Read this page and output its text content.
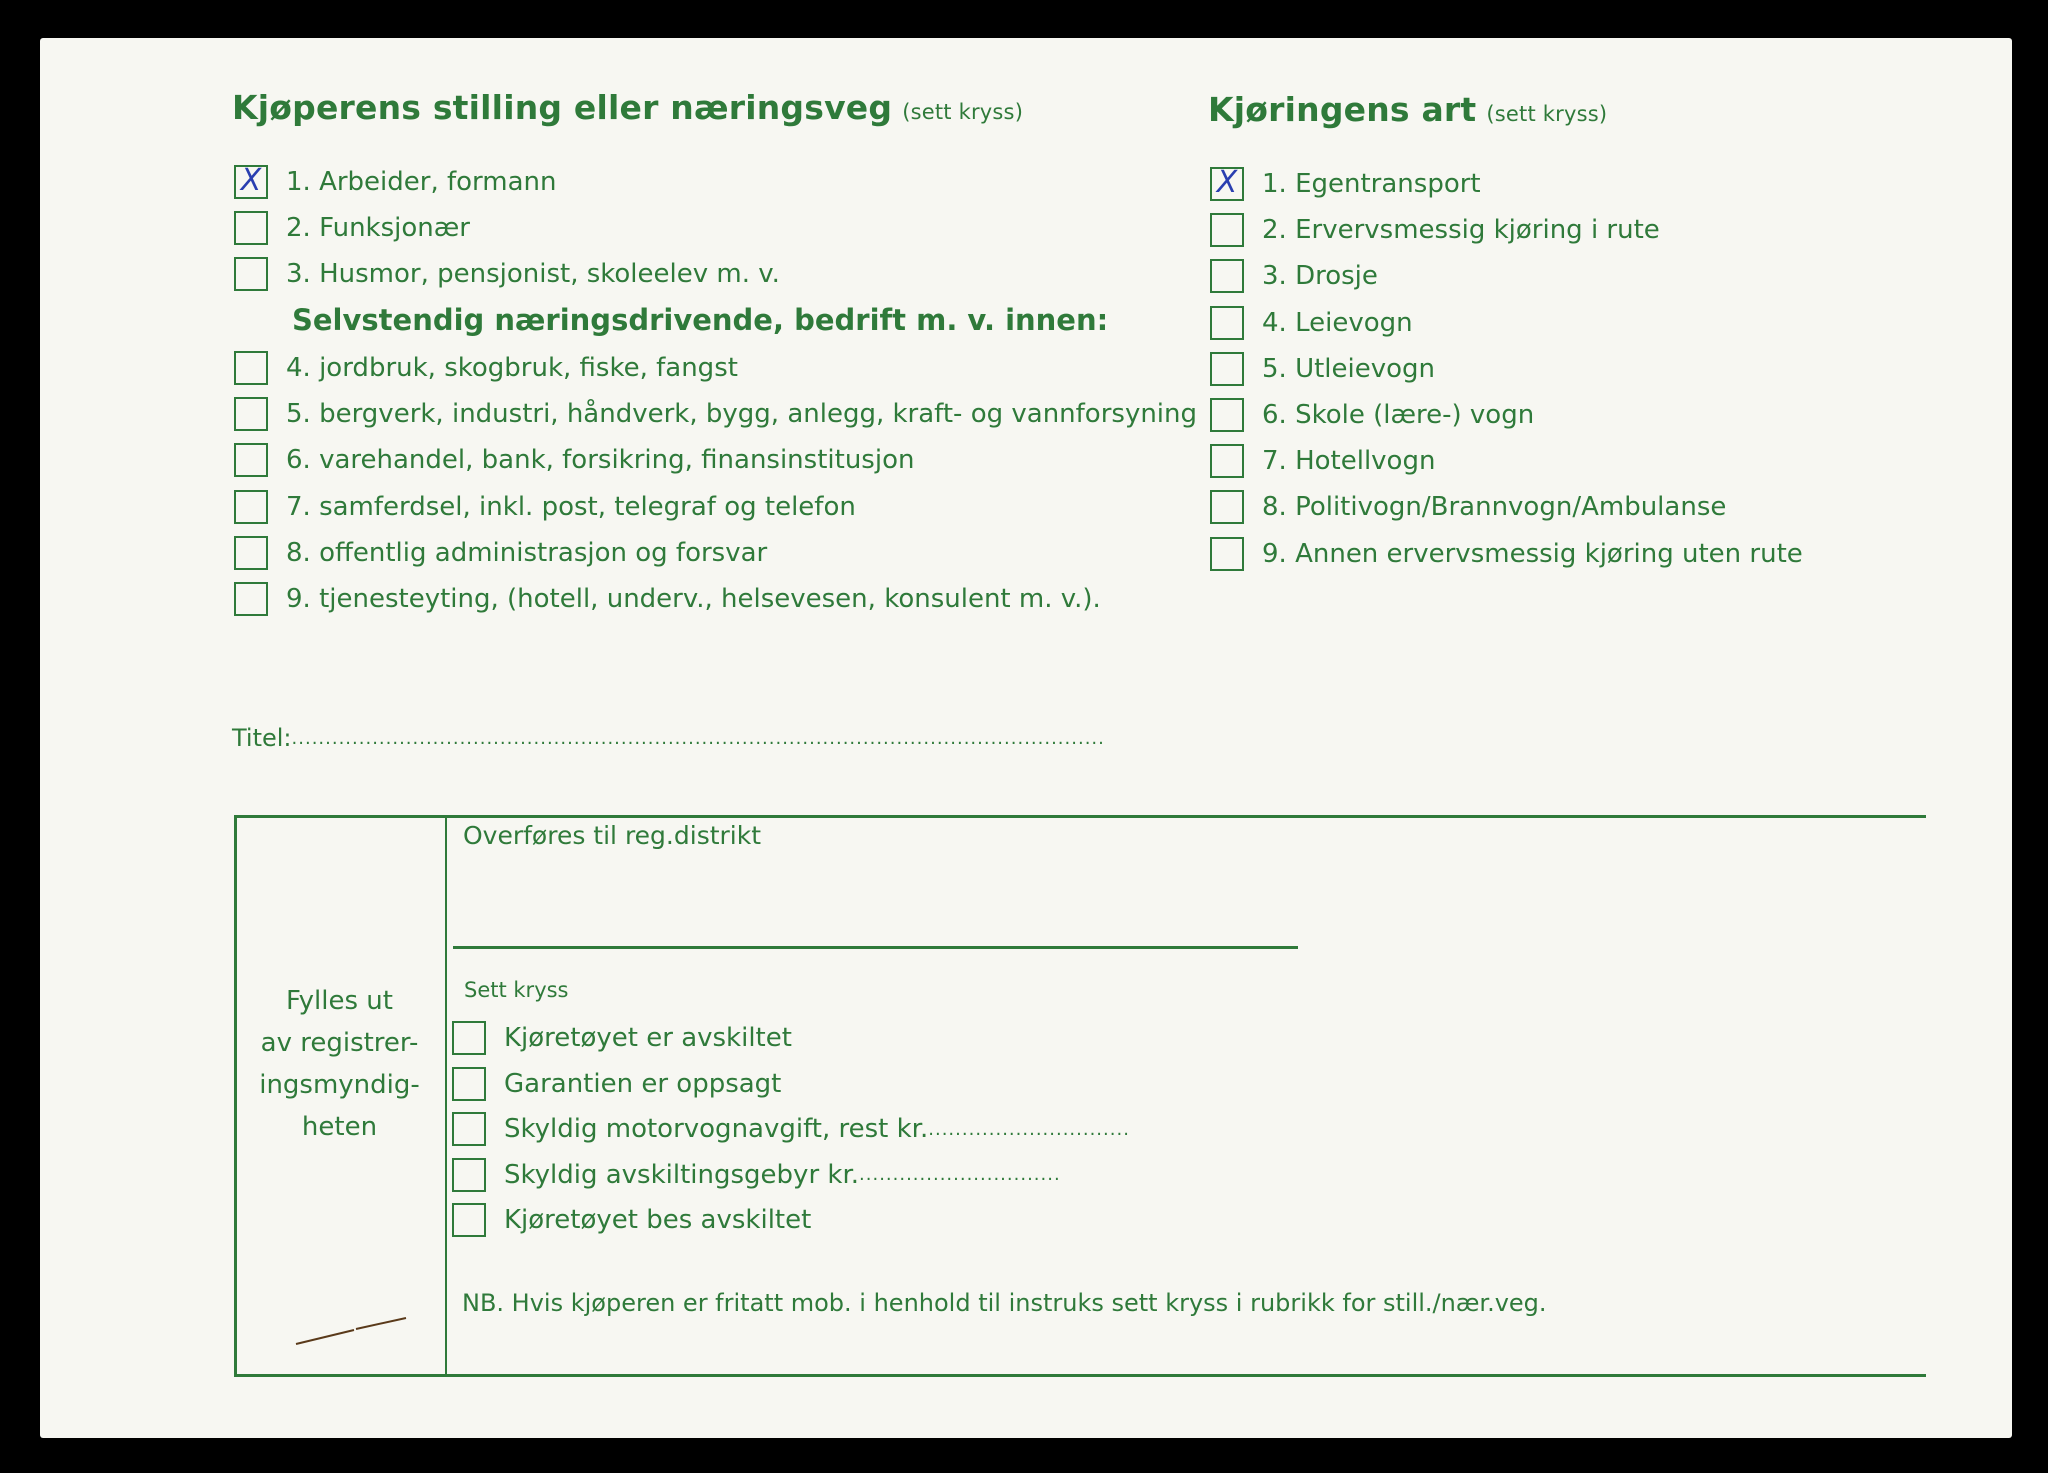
Kjøperens stilling eller næringsveg (sett kryss)
X 1. Arbeider, formann
2. Funksjonær
3. Husmor, pensjonist, skoleelev m. v.
Selvstendig næringsdrivende, bedrift m. v. innen:
4. jordbruk, skogbruk, fiske, fangst
5. bergverk, industri, håndverk, bygg, anlegg, kraft- og vannforsyning
6. varehandel, bank, forsikring, finansinstitusjon
7. samferdsel, inkl. post, telegraf og telefon
8. offentlig administrasjon og forsvar
9. tjenesteyting, (hotell, underv., helsevesen, konsulent m. v.).
Kjøringens art (sett kryss)
X 1. Egentransport
2. Ervervsmessig kjøring i rute
3. Drosje
4. Leievogn
5. Utleievogn
6. Skole (lære-) vogn
7. Hotellvogn
8. Politivogn/Brannvogn/Ambulanse
9. Annen ervervsmessig kjøring uten rute
Titel: .........................................................................................................................
Fylles ut
av registrer-
ingsmyndig-
heten
Overføres til reg.distrikt
Sett kryss
Kjøretøyet er avskiltet
Garantien er oppsagt
Skyldig motorvognavgift, rest kr. ..............................
Skyldig avskiltingsgebyr kr. ..............................
Kjøretøyet bes avskiltet
NB. Hvis kjøperen er fritatt mob. i henhold til instruks sett kryss i rubrikk for still./nær.veg.
